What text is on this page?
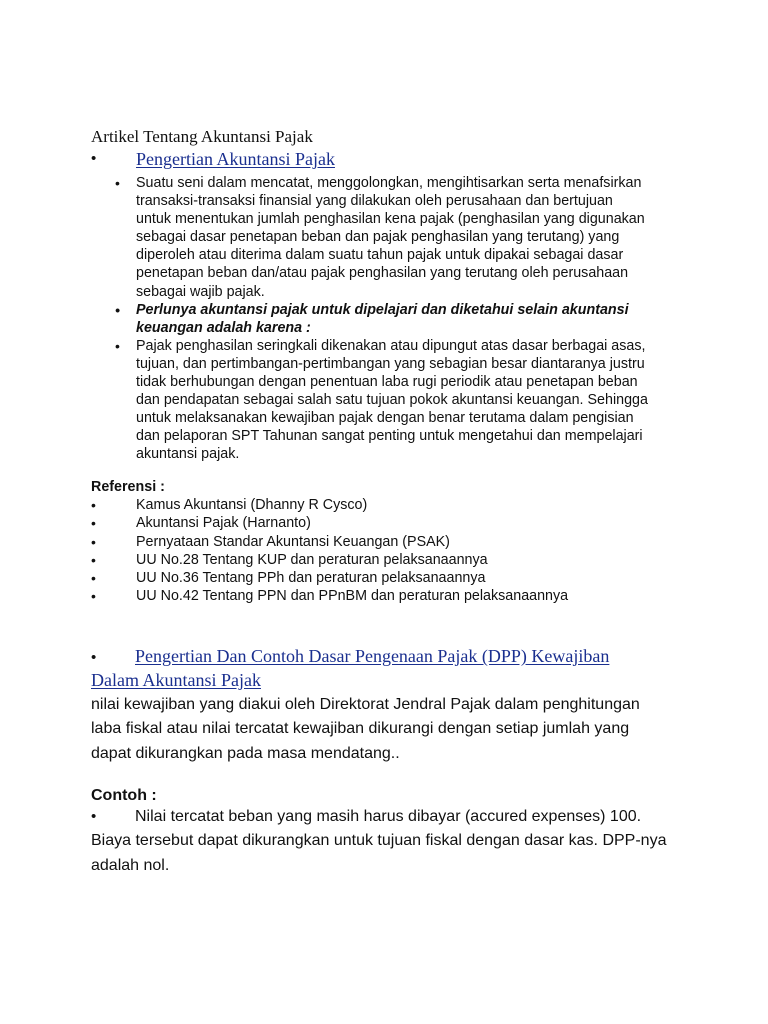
Artikel Tentang Akuntansi Pajak
• Pengertian Akuntansi Pajak
• Suatu seni dalam mencatat, menggolongkan, mengihtisarkan serta menafsirkan
transaksi-transaksi finansial yang dilakukan oleh perusahaan dan bertujuan
untuk menentukan jumlah penghasilan kena pajak (penghasilan yang digunakan
sebagai dasar penetapan beban dan pajak penghasilan yang terutang) yang
diperoleh atau diterima dalam suatu tahun pajak untuk dipakai sebagai dasar
penetapan beban dan/atau pajak penghasilan yang terutang oleh perusahaan
sebagai wajib pajak.
• Perlunya akuntansi pajak untuk dipelajari dan diketahui selain akuntansi
keuangan adalah karena :
• Pajak penghasilan seringkali dikenakan atau dipungut atas dasar berbagai asas,
tujuan, dan pertimbangan-pertimbangan yang sebagian besar diantaranya justru
tidak berhubungan dengan penentuan laba rugi periodik atau penetapan beban
dan pendapatan sebagai salah satu tujuan pokok akuntansi keuangan. Sehingga
untuk melaksanakan kewajiban pajak dengan benar terutama dalam pengisian
dan pelaporan SPT Tahunan sangat penting untuk mengetahui dan mempelajari
akuntansi pajak.
Referensi :
•	Kamus Akuntansi (Dhanny R Cysco)
•	Akuntansi Pajak (Harnanto)
•	Pernyataan Standar Akuntansi Keuangan (PSAK)
•	UU No.28 Tentang KUP dan peraturan pelaksanaannya
•	UU No.36 Tentang PPh dan peraturan pelaksanaannya
•	UU No.42 Tentang PPN dan PPnBM dan peraturan pelaksanaannya
• Pengertian Dan Contoh Dasar Pengenaan Pajak (DPP) Kewajiban
Dalam Akuntansi Pajak
nilai kewajiban yang diakui oleh Direktorat Jendral Pajak dalam penghitungan
laba fiskal atau nilai tercatat kewajiban dikurangi dengan setiap jumlah yang
dapat dikurangkan pada masa mendatang..
Contoh :
• Nilai tercatat beban yang masih harus dibayar (accured expenses) 100.
Biaya tersebut dapat dikurangkan untuk tujuan fiskal dengan dasar kas. DPP-nya
adalah nol.
